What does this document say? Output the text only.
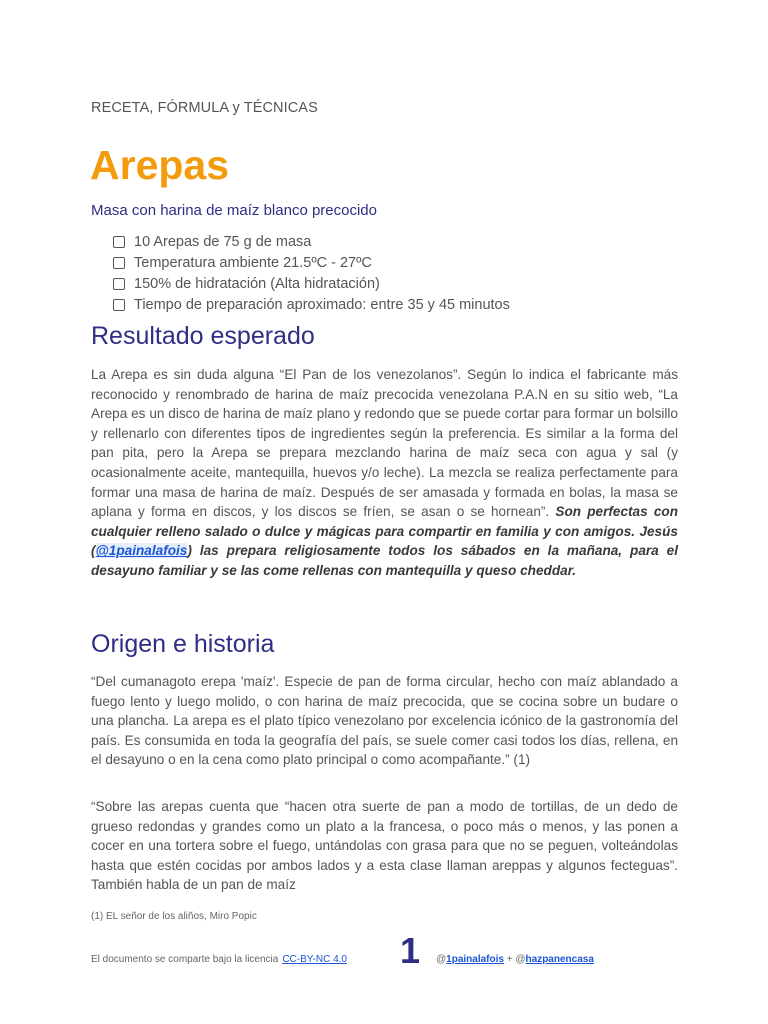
RECETA, FÓRMULA y TÉCNICAS
Arepas
Masa con harina de maíz blanco precocido
10 Arepas de 75 g de masa
Temperatura ambiente 21.5ºC - 27ºC
150% de hidratación (Alta hidratación)
Tiempo de preparación aproximado: entre 35 y 45 minutos
Resultado esperado

La Arepa es sin duda alguna “El Pan de los venezolanos”. Según lo indica el fabricante más reconocido y renombrado de harina de maíz precocida venezolana P.A.N en su sitio web, “La Arepa es un disco de harina de maíz plano y redondo que se puede cortar para formar un bolsillo y rellenarlo con diferentes tipos de ingredientes según la preferencia. Es similar a la forma del pan pita, pero la Arepa se prepara mezclando harina de maíz seca con agua y sal (y ocasionalmente aceite, mantequilla, huevos y/o leche). La mezcla se realiza perfectamente para formar una masa de harina de maíz. Después de ser amasada y formada en bolas, la masa se aplana y forma en discos, y los discos se fríen, se asan o se hornean”. Son perfectas con cualquier relleno salado o dulce y mágicas para compartir en familia y con amigos. Jesús (@1painalafois) las prepara religiosamente todos los sábados en la mañana, para el desayuno familiar y se las come rellenas con mantequilla y queso cheddar.

Origen e historia

“Del cumanagoto erepa 'maíz'. Especie de pan de forma circular, hecho con maíz ablandado a fuego lento y luego molido, o con harina de maíz precocida, que se cocina sobre un budare o una plancha. La arepa es el plato típico venezolano por excelencia icónico de la gastronomía del país. Es consumida en toda la geografía del país, se suele comer casi todos los días, rellena, en el desayuno o en la cena como plato principal o como acompañante.” (1)

“Sobre las arepas cuenta que “hacen otra suerte de pan a modo de tortillas, de un dedo de grueso redondas y grandes como un plato a la francesa, o poco más o menos, y las ponen a cocer en una tortera sobre el fuego, untándolas con grasa para que no se peguen, volteándolas hasta que estén cocidas por ambos lados y a esta clase llaman areppas y algunos fecteguas”. También habla de un pan de maíz

(1) EL señor de los aliños, Miro Popic
El documento se comparte bajo la licencia CC-BY-NC 4.0 1 @1painalafois + @hazpanencasa
